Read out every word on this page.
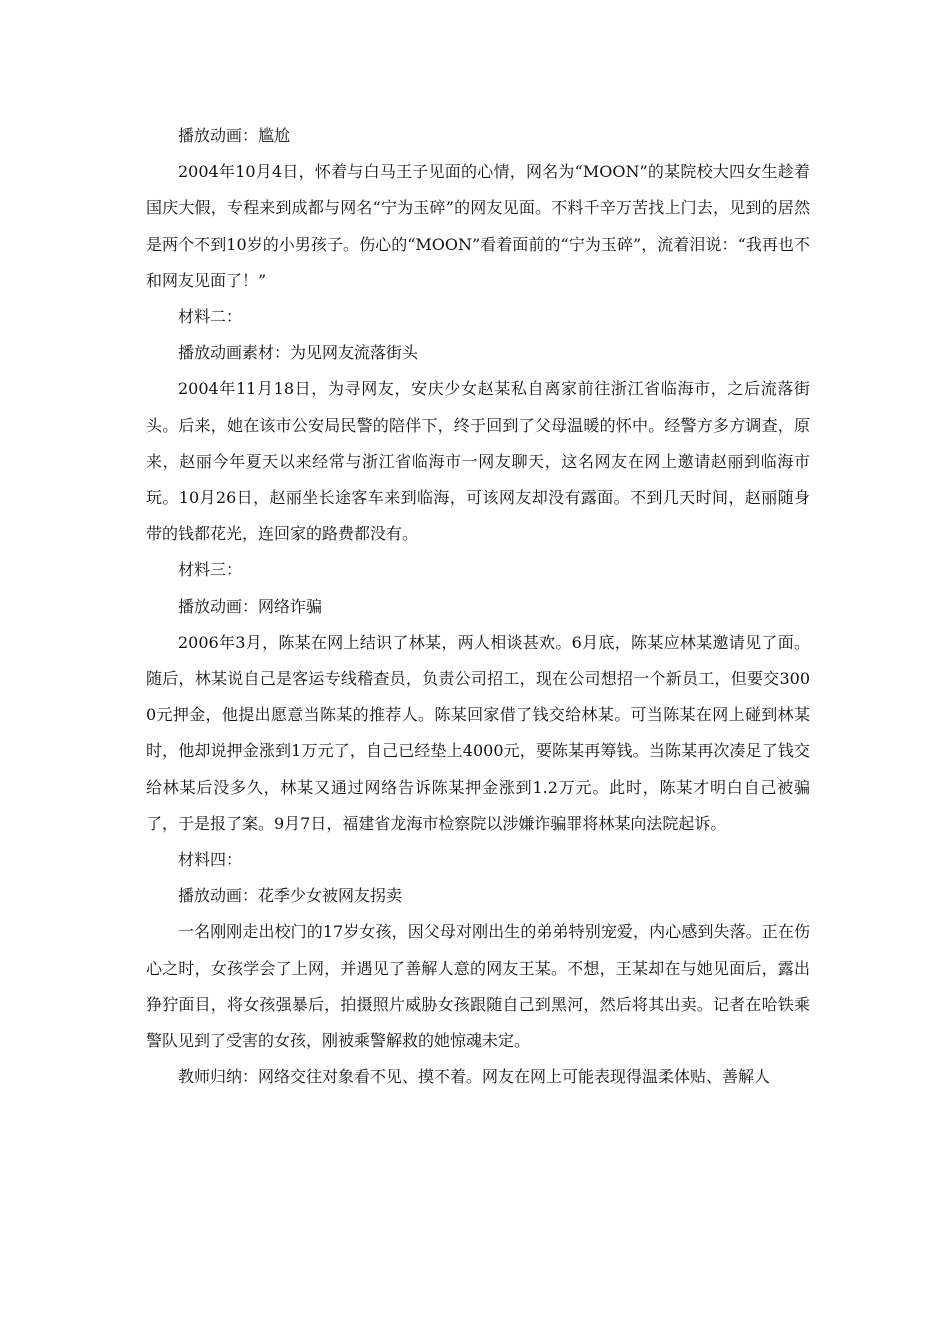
播放动画：尴尬

2004年10月4日，怀着与白马王子见面的心情，网名为“MOON”的某院校大四女生趁着国庆大假，专程来到成都与网名“宁为玉碎”的网友见面。不料千辛万苦找上门去，见到的居然是两个不到10岁的小男孩子。伤心的“MOON”看着面前的“宁为玉碎”，流着泪说：“我再也不和网友见面了！”

材料二：

播放动画素材：为见网友流落街头

2004年11月18日，为寻网友，安庆少女赵某私自离家前往浙江省临海市，之后流落街头。后来，她在该市公安局民警的陪伴下，终于回到了父母温暖的怀中。经警方多方调查，原来，赵丽今年夏天以来经常与浙江省临海市一网友聊天，这名网友在网上邀请赵丽到临海市玩。10月26日，赵丽坐长途客车来到临海，可该网友却没有露面。不到几天时间，赵丽随身带的钱都花光，连回家的路费都没有。

材料三：

播放动画：网络诈骗

2006年3月，陈某在网上结识了林某，两人相谈甚欢。6月底，陈某应林某邀请见了面。随后，林某说自己是客运专线稽查员，负责公司招工，现在公司想招一个新员工，但要交3000元押金，他提出愿意当陈某的推荐人。陈某回家借了钱交给林某。可当陈某在网上碰到林某时，他却说押金涨到1万元了，自己已经垫上4000元，要陈某再筹钱。当陈某再次凑足了钱交给林某后没多久，林某又通过网络告诉陈某押金涨到1.2万元。此时，陈某才明白自己被骗了，于是报了案。9月7日，福建省龙海市检察院以涉嫌诈骗罪将林某向法院起诉。

材料四：

播放动画：花季少女被网友拐卖

一名刚刚走出校门的17岁女孩，因父母对刚出生的弟弟特别宠爱，内心感到失落。正在伤心之时，女孩学会了上网，并遇见了善解人意的网友王某。不想，王某却在与她见面后，露出狰狞面目，将女孩强暴后，拍摄照片威胁女孩跟随自己到黑河，然后将其出卖。记者在哈铁乘警队见到了受害的女孩，刚被乘警解救的她惊魂未定。

教师归纳：网络交往对象看不见、摸不着。网友在网上可能表现得温柔体贴、善解人
